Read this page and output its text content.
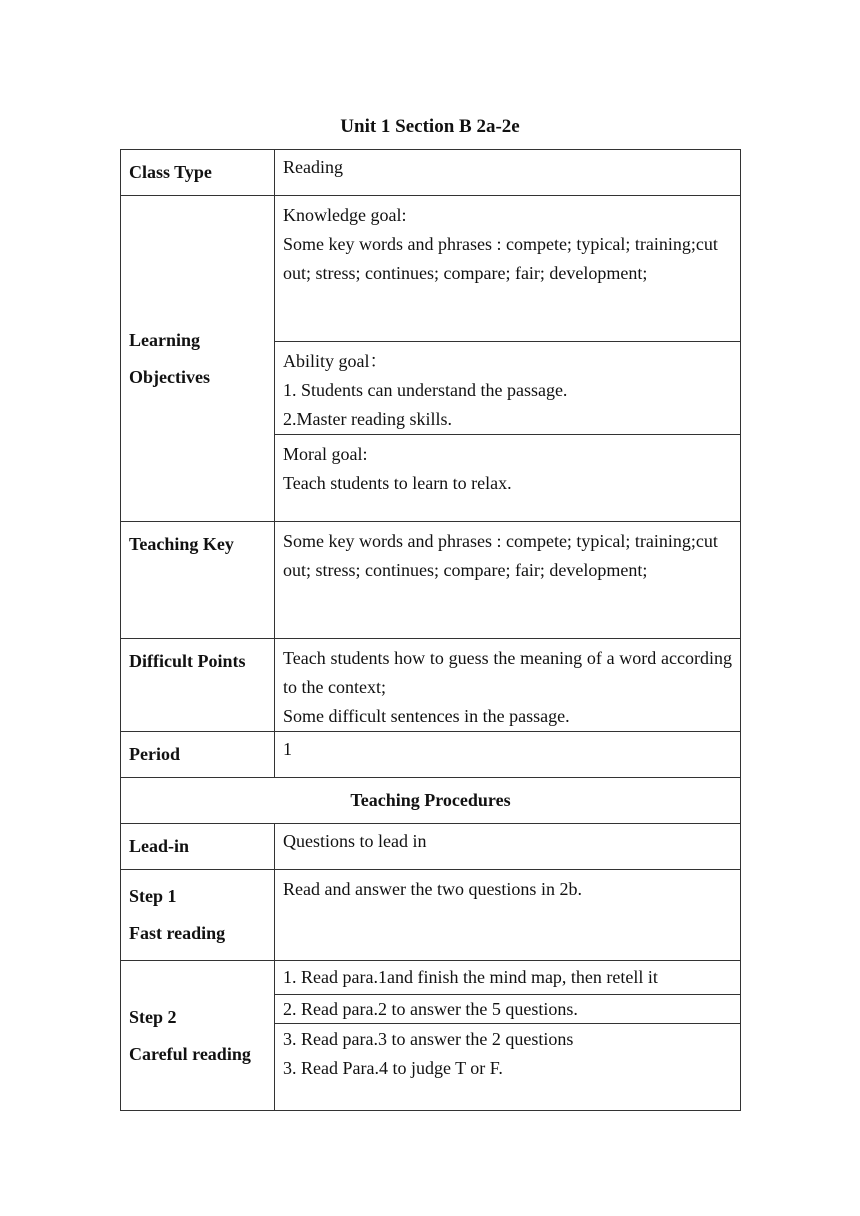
Unit 1 Section B 2a-2e
Class Type	Reading

Learning
Objectives	Knowledge goal:
Some key words and phrases : compete; typical; training;cut out; stress; continues; compare; fair; development;

	Ability goal：
1. Students can understand the passage.
2.Master reading skills.

	Moral goal:
Teach students to learn to relax.

Teaching Key	Some key words and phrases : compete; typical; training;cut out; stress; continues; compare; fair; development;
Difficult Points	Teach students how to guess the meaning of a word according to the context;
Some difficult sentences in the passage.

Period	1
Teaching Procedures	
Lead-in	Questions to lead in

Step 1
Fast reading	Read and answer the two questions in 2b.

Step 2
Careful reading	1. Read para.1and finish the mind map, then retell it
	2. Read para.2 to answer the 5 questions.

	3. Read para.3 to answer the 2 questions
3. Read Para.4 to judge T or F.
